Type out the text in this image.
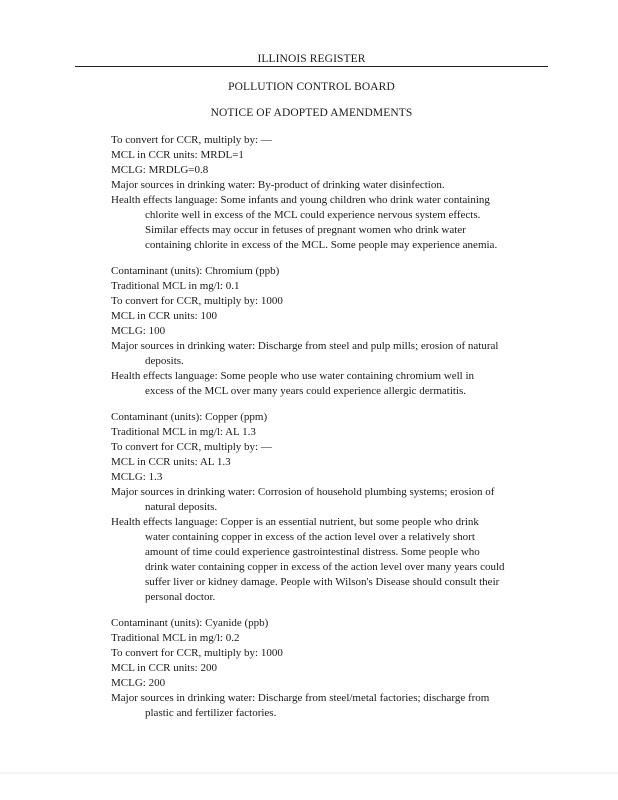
ILLINOIS REGISTER
POLLUTION CONTROL BOARD
NOTICE OF ADOPTED AMENDMENTS
To convert for CCR, multiply by: —
MCL in CCR units: MRDL=1
MCLG: MRDLG=0.8
Major sources in drinking water: By-product of drinking water disinfection.
Health effects language: Some infants and young children who drink water containing
chlorite well in excess of the MCL could experience nervous system effects.
Similar effects may occur in fetuses of pregnant women who drink water
containing chlorite in excess of the MCL. Some people may experience anemia.
Contaminant (units): Chromium (ppb)
Traditional MCL in mg/l: 0.1
To convert for CCR, multiply by: 1000
MCL in CCR units: 100
MCLG: 100
Major sources in drinking water: Discharge from steel and pulp mills; erosion of natural
deposits.
Health effects language: Some people who use water containing chromium well in
excess of the MCL over many years could experience allergic dermatitis.
Contaminant (units): Copper (ppm)
Traditional MCL in mg/l: AL 1.3
To convert for CCR, multiply by: —
MCL in CCR units: AL 1.3
MCLG: 1.3
Major sources in drinking water: Corrosion of household plumbing systems; erosion of
natural deposits.
Health effects language: Copper is an essential nutrient, but some people who drink
water containing copper in excess of the action level over a relatively short
amount of time could experience gastrointestinal distress. Some people who
drink water containing copper in excess of the action level over many years could
suffer liver or kidney damage. People with Wilson's Disease should consult their
personal doctor.
Contaminant (units): Cyanide (ppb)
Traditional MCL in mg/l: 0.2
To convert for CCR, multiply by: 1000
MCL in CCR units: 200
MCLG: 200
Major sources in drinking water: Discharge from steel/metal factories; discharge from
plastic and fertilizer factories.
